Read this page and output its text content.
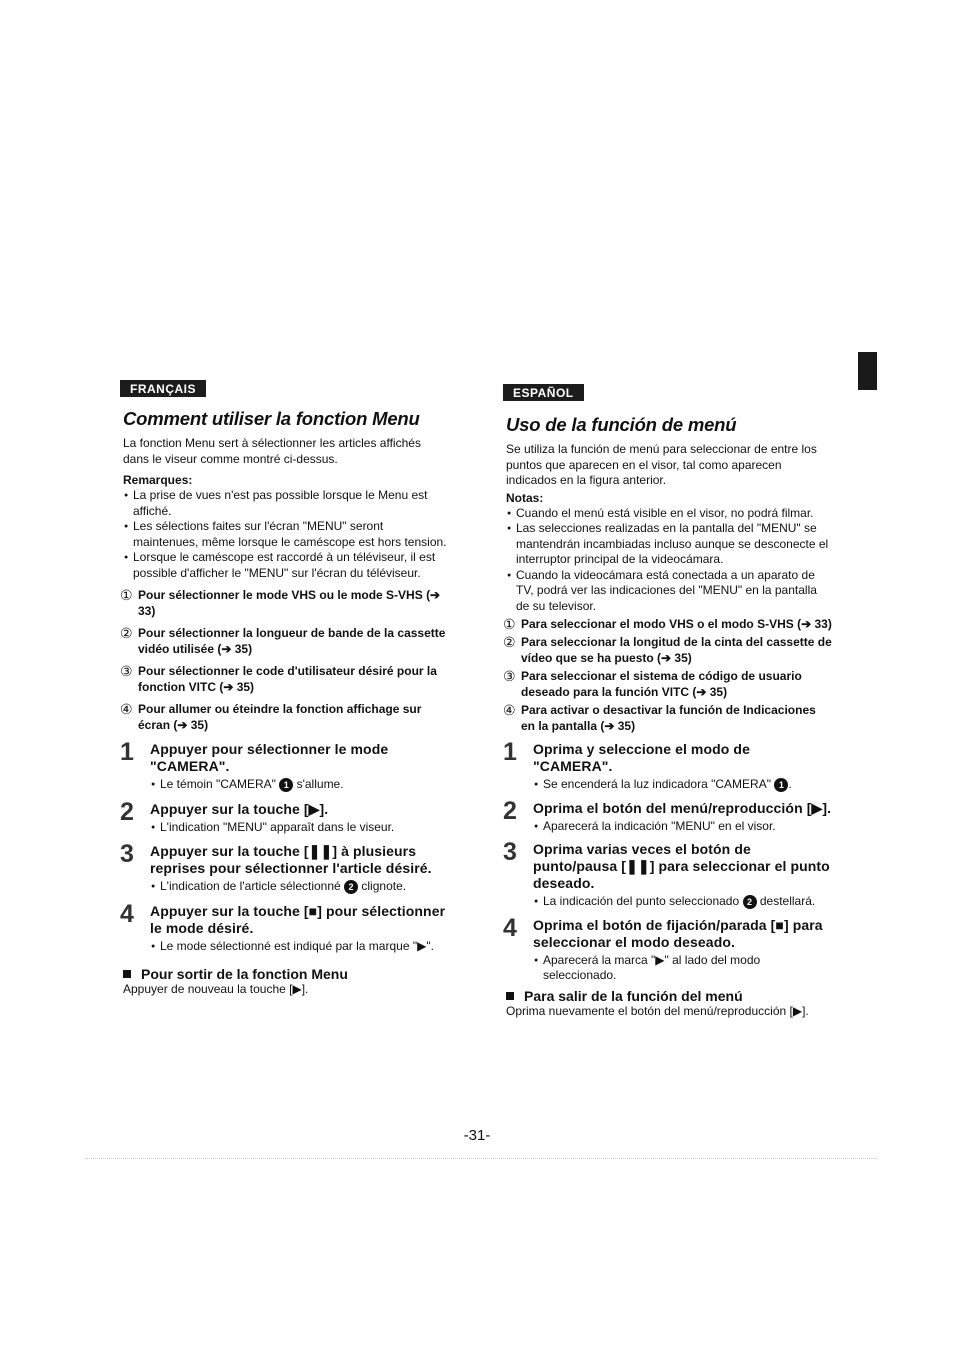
FRANÇAIS
Comment utiliser la fonction Menu

La fonction Menu sert à sélectionner les articles affichés dans le viseur comme montré ci-dessus.

Remarques:
● La prise de vues n'est pas possible lorsque le Menu est affiché.
● Les sélections faites sur l'écran "MENU" seront maintenues, même lorsque le caméscope est hors tension.
● Lorsque le caméscope est raccordé à un téléviseur, il est possible d'afficher le "MENU" sur l'écran du téléviseur.
① Pour sélectionner le mode VHS ou le mode S-VHS (➔ 33)
② Pour sélectionner la longueur de bande de la cassette vidéo utilisée (➔ 35)
③ Pour sélectionner le code d'utilisateur désiré pour la fonction VITC (➔ 35)
④ Pour allumer ou éteindre la fonction affichage sur écran (➔ 35)
1	Appuyer pour sélectionner le mode "CAMERA".
● Le témoin "CAMERA" 1 s'allume.
2	Appuyer sur la touche [▶].
● L'indication "MENU" apparaît dans le viseur.
3	Appuyer sur la touche [❚❚] à plusieurs reprises pour sélectionner l'article désiré.
● L'indication de l'article sélectionné 2 clignote.
4	Appuyer sur la touche [■] pour sélectionner le mode désiré.
● Le mode sélectionné est indiqué par la marque "▶".
Pour sortir de la fonction Menu
Appuyer de nouveau la touche [▶].
ESPAÑOL
Uso de la función de menú

Se utiliza la función de menú para seleccionar de entre los puntos que aparecen en el visor, tal como aparecen indicados en la figura anterior.

Notas:
● Cuando el menú está visible en el visor, no podrá filmar.
● Las selecciones realizadas en la pantalla del "MENU" se mantendrán incambiadas incluso aunque se desconecte el interruptor principal de la videocámara.
● Cuando la videocámara está conectada a un aparato de TV, podrá ver las indicaciones del "MENU" en la pantalla de su televisor.
① Para seleccionar el modo VHS o el modo S-VHS (➔ 33)
② Para seleccionar la longitud de la cinta del cassette de vídeo que se ha puesto (➔ 35)
③ Para seleccionar el sistema de código de usuario deseado para la función VITC (➔ 35)
④ Para activar o desactivar la función de Indicaciones en la pantalla (➔ 35)
1	Oprima y seleccione el modo de "CAMERA".
● Se encenderá la luz indicadora "CAMERA" 1 .
2	Oprima el botón del menú/reproducción [▶].
● Aparecerá la indicación "MENU" en el visor.
3	Oprima varias veces el botón de punto/pausa [❚❚] para seleccionar el punto deseado.
● La indicación del punto seleccionado 2 destellará.
4	Oprima el botón de fijación/parada [■] para seleccionar el modo deseado.
● Aparecerá la marca "▶" al lado del modo seleccionado.
Para salir de la función del menú
Oprima nuevamente el botón del menú/reproducción [▶].
-31-
